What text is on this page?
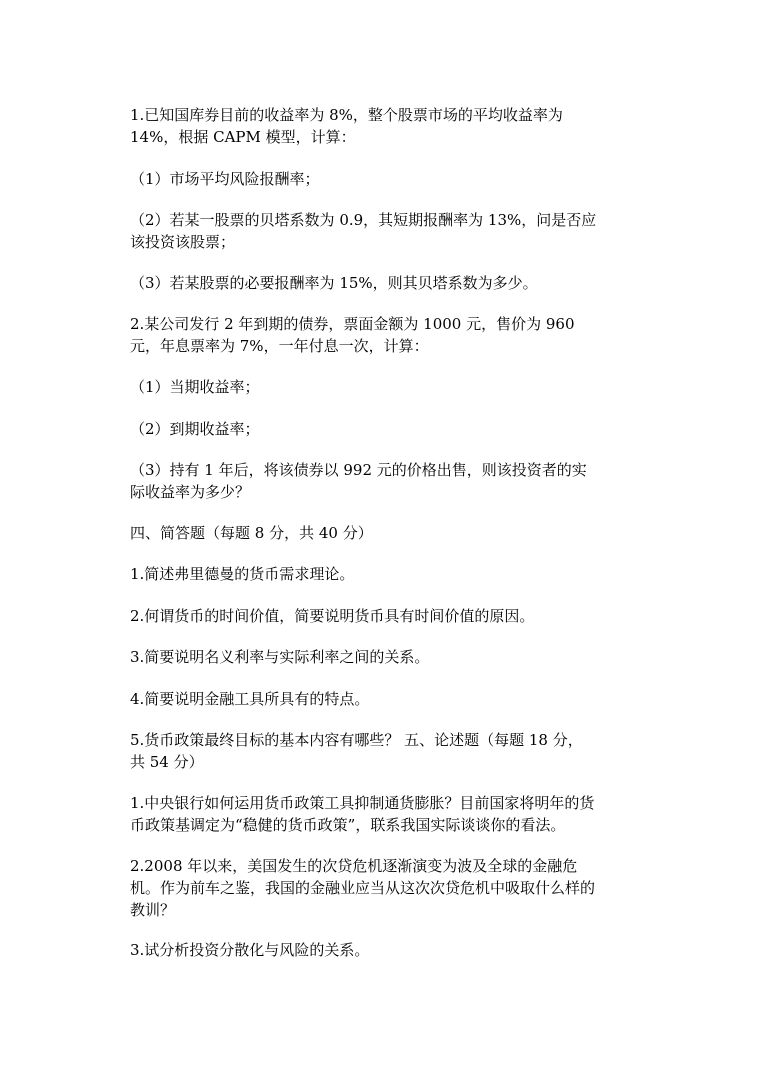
1.已知国库券目前的收益率为 8%，整个股票市场的平均收益率为
14%，根据 CAPM 模型，计算：

（1）市场平均风险报酬率；

（2）若某一股票的贝塔系数为 0.9，其短期报酬率为 13%，问是否应
该投资该股票；

（3）若某股票的必要报酬率为 15%，则其贝塔系数为多少。

2.某公司发行 2 年到期的债券，票面金额为 1000 元，售价为 960
元，年息票率为 7%，一年付息一次，计算：

（1）当期收益率；

（2）到期收益率；

（3）持有 1 年后，将该债券以 992 元的价格出售，则该投资者的实
际收益率为多少？

四、简答题（每题 8 分，共 40 分）

1.简述弗里德曼的货币需求理论。

2.何谓货币的时间价值，简要说明货币具有时间价值的原因。

3.简要说明名义利率与实际利率之间的关系。

4.简要说明金融工具所具有的特点。

5.货币政策最终目标的基本内容有哪些？ 五、论述题（每题 18 分，
共 54 分）

1.中央银行如何运用货币政策工具抑制通货膨胀？目前国家将明年的货
币政策基调定为“稳健的货币政策”，联系我国实际谈谈你的看法。

2.2008 年以来，美国发生的次贷危机逐渐演变为波及全球的金融危
机。作为前车之鉴，我国的金融业应当从这次次贷危机中吸取什么样的
教训？

3.试分析投资分散化与风险的关系。
